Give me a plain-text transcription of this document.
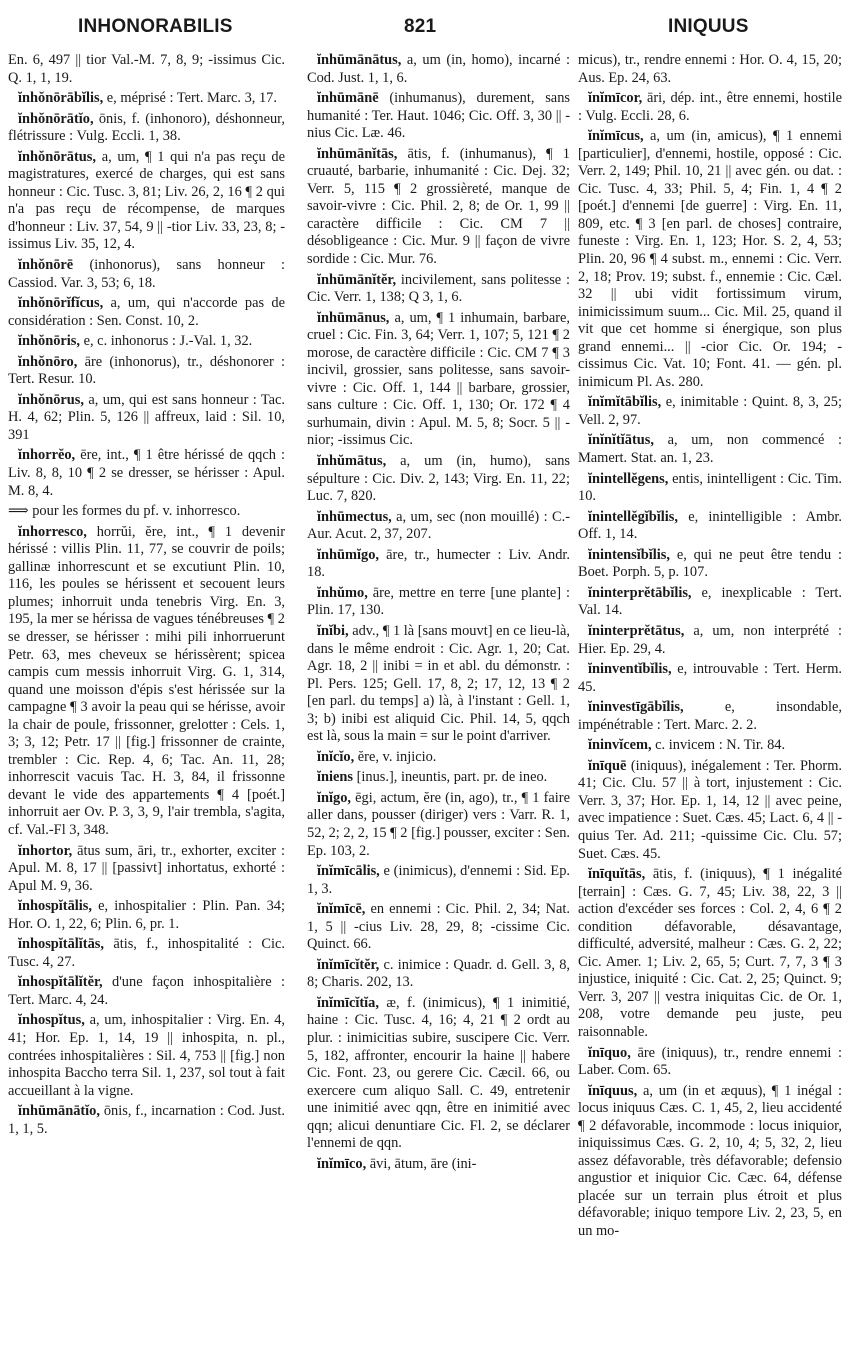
INHONORABILIS	821	INIQUUS

En. 6, 497 || tior Val.-M. 7, 8, 9; -issimus Cic. Q. 1, 1, 19.

ĭnhŏnōrābĭlis, e, méprisé : Tert. Marc. 3, 17.

ĭnhŏnōrātĭo, ōnis, f. (inhonoro), déshonneur, flétrissure : Vulg. Eccli. 1, 38.

ĭnhŏnōrātus, a, um, ¶ 1 qui n'a pas reçu de magistratures, exercé de charges, qui est sans honneur : Cic. Tusc. 3, 81; Liv. 26, 2, 16 ¶ 2 qui n'a pas reçu de récompense, de marques d'honneur : Liv. 37, 54, 9 || -tior Liv. 33, 23, 8; -issimus Liv. 35, 12, 4.

ĭnhŏnōrē (inhonorus), sans honneur : Cassiod. Var. 3, 53; 6, 18.

ĭnhŏnōrĭfĭcus, a, um, qui n'accorde pas de considération : Sen. Const. 10, 2.

ĭnhŏnōris, e, c. inhonorus : J.-Val. 1, 32.

ĭnhŏnōro, āre (inhonorus), tr., déshonorer : Tert. Resur. 10.

ĭnhŏnōrus, a, um, qui est sans honneur : Tac. H. 4, 62; Plin. 5, 126 || affreux, laid : Sil. 10, 391

ĭnhorrĕo, ēre, int., ¶ 1 être hérissé de qqch : Liv. 8, 8, 10 ¶ 2 se dresser, se hérisser : Apul. M. 8, 4.

⟹ pour les formes du pf. v. inhorresco.

ĭnhorresco, horrŭi, ĕre, int., ¶ 1 devenir hérissé : villis Plin. 11, 77, se couvrir de poils; gallinæ inhorrescunt et se excutiunt Plin. 10, 116, les poules se hérissent et secouent leurs plumes; inhorruit unda tenebris Virg. En. 3, 195, la mer se hérissa de vagues ténébreuses ¶ 2 se dresser, se hérisser : mihi pili inhorruerunt Petr. 63, mes cheveux se hérissèrent; spicea campis cum messis inhorruit Virg. G. 1, 314, quand une moisson d'épis s'est hérissée sur la campagne ¶ 3 avoir la peau qui se hérisse, avoir la chair de poule, frissonner, grelotter : Cels. 1, 3; 3, 12; Petr. 17 || [fig.] frissonner de crainte, trembler : Cic. Rep. 4, 6; Tac. An. 11, 28; inhorrescit vacuis Tac. H. 3, 84, il frissonne devant le vide des appartements ¶ 4 [poét.] inhorruit aer Ov. P. 3, 3, 9, l'air trembla, s'agita, cf. Val.-Fl 3, 348.

ĭnhortor, ātus sum, āri, tr., exhorter, exciter : Apul. M. 8, 17 || [passivt] inhortatus, exhorté : Apul M. 9, 36.

ĭnhospĭtālis, e, inhospitalier : Plin. Pan. 34; Hor. O. 1, 22, 6; Plin. 6, pr. 1.

ĭnhospĭtālĭtās, ātis, f., inhospitalité : Cic. Tusc. 4, 27.

ĭnhospĭtālĭtĕr, d'une façon inhospitalière : Tert. Marc. 4, 24.

ĭnhospĭtus, a, um, inhospitalier : Virg. En. 4, 41; Hor. Ep. 1, 14, 19 || inhospita, n. pl., contrées inhospitalières : Sil. 4, 753 || [fig.] non inhospita Baccho terra Sil. 1, 237, sol tout à fait accueillant à la vigne.

ĭnhūmānātĭo, ōnis, f., incarnation : Cod. Just. 1, 1, 5.

ĭnhūmānātus, a, um (in, homo), incarné : Cod. Just. 1, 1, 6.

ĭnhūmānē (inhumanus), durement, sans humanité : Ter. Haut. 1046; Cic. Off. 3, 30 || -nius Cic. Læ. 46.

ĭnhūmānĭtās, ātis, f. (inhumanus), ¶ 1 cruauté, barbarie, inhumanité : Cic. Dej. 32; Verr. 5, 115 ¶ 2 grossièreté, manque de savoir-vivre : Cic. Phil. 2, 8; de Or. 1, 99 || caractère difficile : Cic. CM 7 || désobligeance : Cic. Mur. 9 || façon de vivre sordide : Cic. Mur. 76.

ĭnhūmānĭtĕr, incivilement, sans politesse : Cic. Verr. 1, 138; Q 3, 1, 6.

ĭnhūmānus, a, um, ¶ 1 inhumain, barbare, cruel : Cic. Fin. 3, 64; Verr. 1, 107; 5, 121 ¶ 2 morose, de caractère difficile : Cic. CM 7 ¶ 3 incivil, grossier, sans politesse, sans savoir-vivre : Cic. Off. 1, 144 || barbare, grossier, sans culture : Cic. Off. 1, 130; Or. 172 ¶ 4 surhumain, divin : Apul. M. 5, 8; Socr. 5 || -nior; -issimus Cic.

ĭnhŭmātus, a, um (in, humo), sans sépulture : Cic. Div. 2, 143; Virg. En. 11, 22; Luc. 7, 820.

ĭnhūmectus, a, um, sec (non mouillé) : C.-Aur. Acut. 2, 37, 207.

ĭnhūmĭgo, āre, tr., humecter : Liv. Andr. 18.

ĭnhŭmo, āre, mettre en terre [une plante] : Plin. 17, 130.

ĭnĭbi, adv., ¶ 1 là [sans mouvt] en ce lieu-là, dans le même endroit : Cic. Agr. 1, 20; Cat. Agr. 18, 2 || inibi = in et abl. du démonstr. : Pl. Pers. 125; Gell. 17, 8, 2; 17, 12, 13 ¶ 2 [en parl. du temps] a) là, à l'instant : Gell. 1, 3; b) inibi est aliquid Cic. Phil. 14, 5, qqch est là, sous la main = sur le point d'arriver.

ĭnĭcĭo, ĕre, v. injicio.

ĭniens [inus.], ineuntis, part. pr. de ineo.

ĭnĭgo, ēgi, actum, ĕre (in, ago), tr., ¶ 1 faire aller dans, pousser (diriger) vers : Varr. R. 1, 52, 2; 2, 2, 15 ¶ 2 [fig.] pousser, exciter : Sen. Ep. 103, 2.

ĭnĭmīcālis, e (inimicus), d'ennemi : Sid. Ep. 1, 3.

ĭnĭmīcē, en ennemi : Cic. Phil. 2, 34; Nat. 1, 5 || -cius Liv. 28, 29, 8; -cissime Cic. Quinct. 66.

ĭnĭmīcĭtĕr, c. inimice : Quadr. d. Gell. 3, 8, 8; Charis. 202, 13.

ĭnĭmīcĭtĭa, æ, f. (inimicus), ¶ 1 inimitié, haine : Cic. Tusc. 4, 16; 4, 21 ¶ 2 ordt au plur. : inimicitias subire, suscipere Cic. Verr. 5, 182, affronter, encourir la haine || habere Cic. Font. 23, ou gerere Cic. Cæcil. 66, ou exercere cum aliquo Sall. C. 49, entretenir une inimitié avec qqn, être en inimitié avec qqn; alicui denuntiare Cic. Fl. 2, se déclarer l'ennemi de qqn.

ĭnĭmīco, āvi, ātum, āre (ini-

micus), tr., rendre ennemi : Hor. O. 4, 15, 20; Aus. Ep. 24, 63.

ĭnĭmīcor, āri, dép. int., être ennemi, hostile : Vulg. Eccli. 28, 6.

ĭnĭmīcus, a, um (in, amicus), ¶ 1 ennemi [particulier], d'ennemi, hostile, opposé : Cic. Verr. 2, 149; Phil. 10, 21 || avec gén. ou dat. : Cic. Tusc. 4, 33; Phil. 5, 4; Fin. 1, 4 ¶ 2 [poét.] d'ennemi [de guerre] : Virg. En. 11, 809, etc. ¶ 3 [en parl. de choses] contraire, funeste : Virg. En. 1, 123; Hor. S. 2, 4, 53; Plin. 20, 96 ¶ 4 subst. m., ennemi : Cic. Verr. 2, 18; Prov. 19; subst. f., ennemie : Cic. Cæl. 32 || ubi vidit fortissimum virum, inimicissimum suum... Cic. Mil. 25, quand il vit que cet homme si énergique, son plus grand ennemi... || -cior Cic. Or. 194; -cissimus Cic. Vat. 10; Font. 41. — gén. pl. inimicum Pl. As. 280.

ĭnĭmĭtābĭlis, e, inimitable : Quint. 8, 3, 25; Vell. 2, 97.

ĭnĭnĭtĭātus, a, um, non commencé : Mamert. Stat. an. 1, 23.

ĭnintellĕgens, entis, inintelligent : Cic. Tim. 10.

ĭnintellĕgĭbĭlis, e, inintelligible : Ambr. Off. 1, 14.

ĭnintensĭbĭlis, e, qui ne peut être tendu : Boet. Porph. 5, p. 107.

ĭninterprĕtābĭlis, e, inexplicable : Tert. Val. 14.

ĭninterprĕtātus, a, um, non interprété : Hier. Ep. 29, 4.

ĭninventĭbĭlis, e, introuvable : Tert. Herm. 45.

ĭninvestīgābĭlis,	e, insondable, impénétrable : Tert. Marc. 2. 2.

ĭninvĭcem, c. invicem : N. Tir. 84.

ĭnīquē (iniquus), inégalement : Ter. Phorm. 41; Cic. Clu. 57 || à tort, injustement : Cic. Verr. 3, 37; Hor. Ep. 1, 14, 12 || avec peine, avec impatience : Suet. Cæs. 45; Lact. 6, 4 || -quius Ter. Ad. 211; -quissime Cic. Clu. 57; Suet. Cæs. 45.

ĭnīquĭtās, ātis, f. (iniquus), ¶ 1 inégalité [terrain] : Cæs. G. 7, 45; Liv. 38, 22, 3 || action d'excéder ses forces : Col. 2, 4, 6 ¶ 2 condition défavorable, désavantage, difficulté, adversité, malheur : Cæs. G. 2, 22; Cic. Amer. 1; Liv. 2, 65, 5; Curt. 7, 7, 3 ¶ 3 injustice, iniquité : Cic. Cat. 2, 25; Quinct. 9; Verr. 3, 207 || vestra iniquitas Cic. de Or. 1, 208, votre demande peu juste, peu raisonnable.

ĭnīquo, āre (iniquus), tr., rendre ennemi : Laber. Com. 65.

ĭnīquus, a, um (in et æquus), ¶ 1 inégal : locus iniquus Cæs. C. 1, 45, 2, lieu accidenté ¶ 2 défavorable, incommode : locus iniquior, iniquissimus Cæs. G. 2, 10, 4; 5, 32, 2, lieu assez défavorable, très défavorable; defensio angustior et iniquior Cic. Cæc. 64, défense placée sur un terrain plus étroit et plus défavorable; iniquo tempore Liv. 2, 23, 5, en un mo-
